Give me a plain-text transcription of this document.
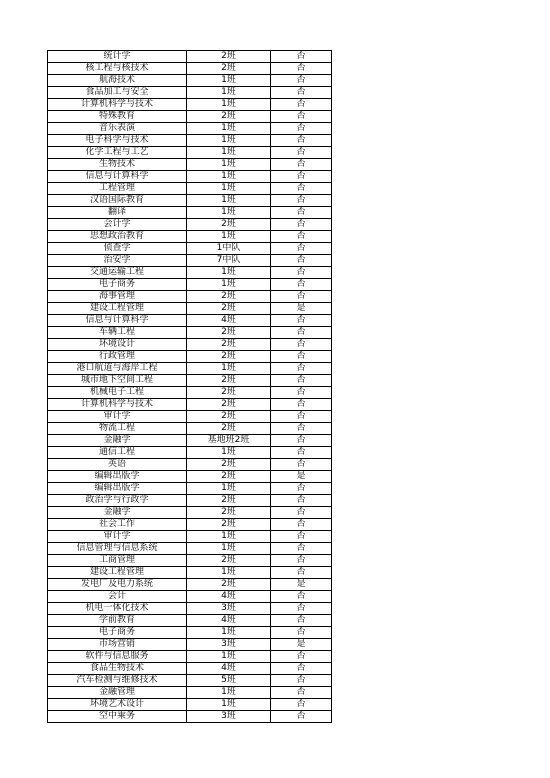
统计学	2班	否
核工程与核技术	2班	否
航海技术	1班	否
食品加工与安全	1班	否
计算机科学与技术	1班	否
特殊教育	2班	否
音乐表演	1班	否
电子科学与技术	1班	否
化学工程与工艺	1班	否
生物技术	1班	否
信息与计算科学	1班	否
工程管理	1班	否
汉语国际教育	1班	否
翻译	1班	否
会计学	2班	否
思想政治教育	1班	否
侦查学	1中队	否
治安学	7中队	否
交通运输工程	1班	否
电子商务	1班	否
海事管理	2班	否
建设工程管理	2班	是
信息与计算科学	4班	否
车辆工程	2班	否
环境设计	2班	否
行政管理	2班	否
港口航道与海岸工程	1班	否
城市地下空间工程	2班	否
机械电子工程	2班	否
计算机科学与技术	2班	否
审计学	2班	否
物流工程	2班	否
金融学	基地班2班	否
通信工程	1班	否
英语	2班	否
编辑出版学	2班	是
编辑出版学	1班	否
政治学与行政学	2班	否
金融学	2班	否
社会工作	2班	否
审计学	1班	否
信息管理与信息系统	1班	否
工商管理	2班	否
建设工程管理	1班	否
发电厂及电力系统	2班	是
会计	4班	否
机电一体化技术	3班	否
学前教育	4班	否
电子商务	1班	否
市场营销	3班	是
软件与信息服务	1班	否
食品生物技术	4班	否
汽车检测与维修技术	5班	否
金融管理	1班	否
环境艺术设计	1班	否
空中乘务	3班	否
